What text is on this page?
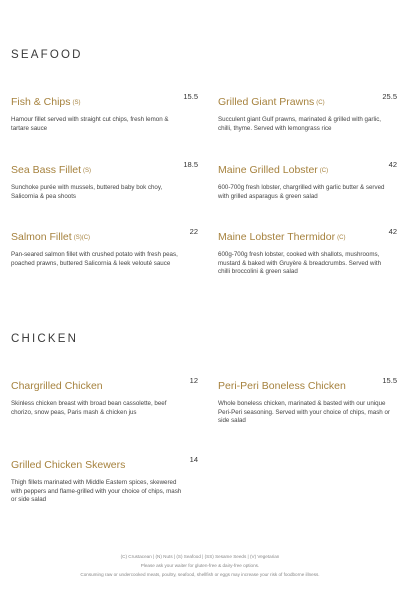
SEAFOOD
Fish & Chips (S)
15.5
Hamour fillet served with straight cut chips, fresh lemon & tartare sauce
Grilled Giant Prawns (C)
25.5
Succulent giant Gulf prawns, marinated & grilled with garlic, chilli, thyme. Served with lemongrass rice
Sea Bass Fillet (S)
18.5
Sunchoke purée with mussels, buttered baby bok choy, Salicornia & pea shoots
Maine Grilled Lobster (C)
42
600-700g fresh lobster, chargrilled with garlic butter & served with grilled asparagus & green salad
Salmon Fillet (S)(C)
22
Pan-seared salmon fillet with crushed potato with fresh peas, poached prawns, buttered Salicornia & leek velouté sauce
Maine Lobster Thermidor (C)
42
600g-700g fresh lobster, cooked with shallots, mushrooms, mustard & baked with Gruyère & breadcrumbs. Served with chilli broccolini & green salad
CHICKEN
Chargrilled Chicken	12
Skinless chicken breast with broad bean cassolette, beef chorizo, snow peas, Paris mash & chicken jus
Peri-Peri Boneless Chicken	15.5
Whole boneless chicken, marinated & basted with our unique Peri-Peri seasoning. Served with your choice of chips, mash or side salad
Grilled Chicken Skewers	14
Thigh fillets marinated with Middle Eastern spices, skewered with peppers and flame-grilled with your choice of chips, mash or side salad
(C) Crustacean | (N) Nuts | (S) Seafood | (SS) Sesame Seeds | (V) Vegetarian
Please ask your waiter for gluten-free & dairy-free options.
Consuming raw or undercooked meats, poultry, seafood, shellfish or eggs may increase your risk of foodborne illness.
